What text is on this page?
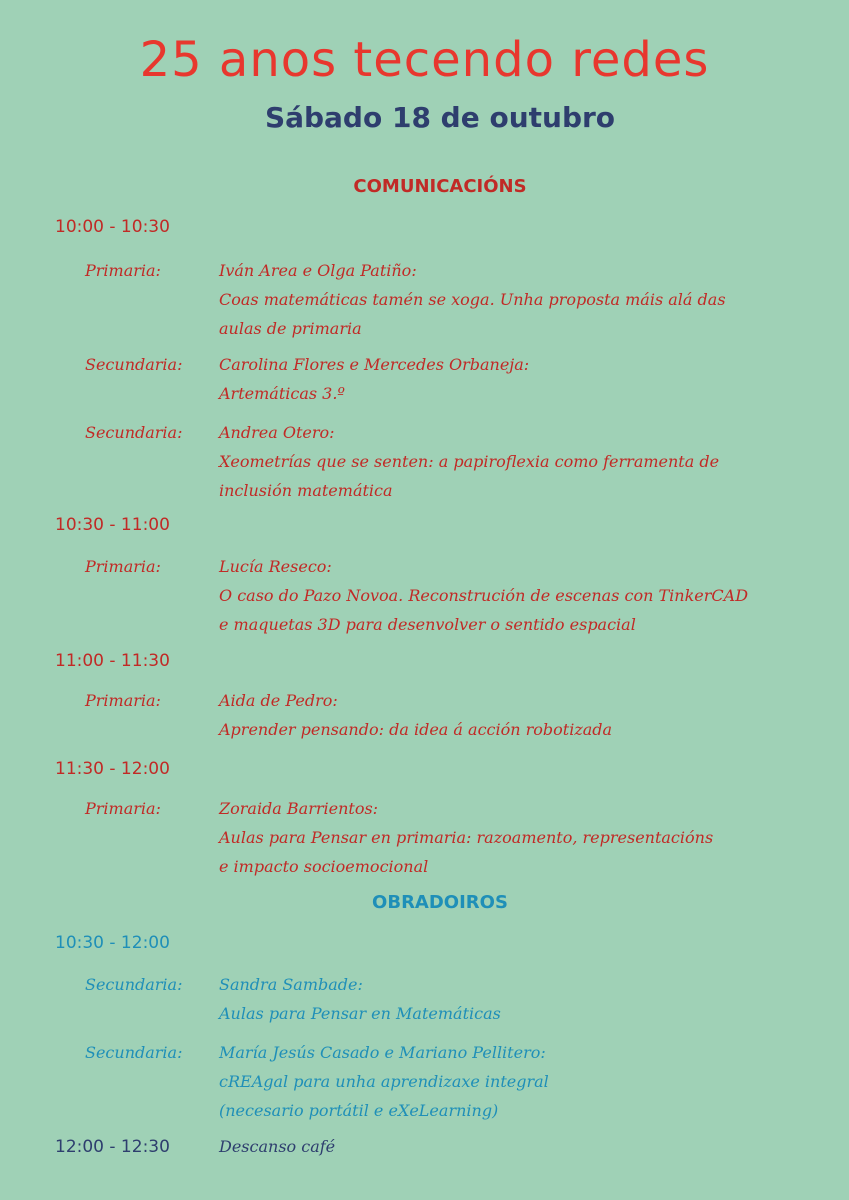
25 anos tecendo redes
Sábado 18 de outubro
COMUNICACIÓNS
10:00 - 10:30
Primaria:	Iván Area e Olga Patiño:
Coas matemáticas tamén se xoga. Unha proposta máis alá das
aulas de primaria
Secundaria: Carolina Flores e Mercedes Orbaneja:
Artemáticas 3.º
Secundaria: Andrea Otero:
Xeometrías que se senten: a papiroflexia como ferramenta de
inclusión matemática
10:30 - 11:00
Primaria:	Lucía Reseco:
O caso do Pazo Novoa. Reconstrución de escenas con TinkerCAD
e maquetas 3D para desenvolver o sentido espacial
11:00 - 11:30
Primaria:	Aida de Pedro:
Aprender pensando: da idea á acción robotizada
11:30 - 12:00
Primaria:	Zoraida Barrientos:
Aulas para Pensar en primaria: razoamento, representacións
e impacto socioemocional
OBRADOIROS
10:30 - 12:00
Secundaria: Sandra Sambade:
Aulas para Pensar en Matemáticas
Secundaria: María Jesús Casado e Mariano Pellitero:
cREAgal para unha aprendizaxe integral
(necesario portátil e eXeLearning)
12:00 - 12:30	Descanso café
